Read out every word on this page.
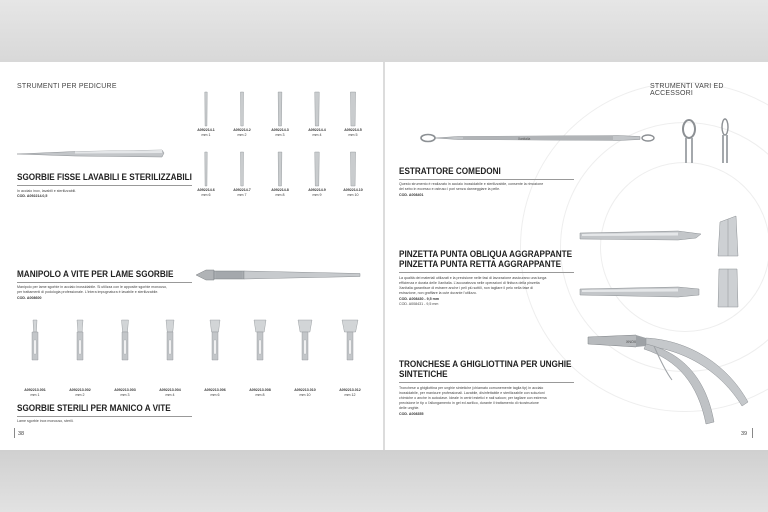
STRUMENTI PER PEDICURE
SGORBIE FISSE LAVABILI E STERILIZZABILI
In acciaio inox, lavabili e sterilizzabili.
COD. A092214.0,5
MANIPOLO A VITE PER LAME SGORBIE
Manipolo per lame sgorbie in acciaio inossidabile. Si utilizza con le apposite sgorbie monouso,
per trattamenti di podologia professionale. L'intera impugnatura è lavabile e sterilizzabile.
COD. A008600
SGORBIE STERILI PER MANICO A VITE
Lame sgorbie inox monouso, sterili.
38
STRUMENTI VARI ED ACCESSORI
Xanitalia
ESTRATTORE COMEDONI
Questo strumento è realizzato in acciaio inossidabile e sterilizzabile, consente la rimozione
del sebo in eccesso e ostruso i pori senza danneggiare la pelle.
COD. A008401
PINZETTA PUNTA OBLIQUA AGGRAPPANTE
PINZETTA PUNTA RETTA AGGRAPPANTE
La qualità dei materiali utilizzati e la precisione nelle fasi di lavorazione assicurano una lunga
efficienza e durata delle Xanitalia. L'accuratezza nelle operazioni di finitura della pinzetta
Xanitalia garantisce di estrarre anche i peli più sottili, non tagliare il pelo nella fase di
estrazione, non graffiare la cute durante l'utilizzo.
COD. A008430 - 9,5 mm
COD. A008431 - 9,5 mm
XNOX
TRONCHESE A GHIGLIOTTINA PER UNGHIE
SINTETICHE
Tronchese a ghigliottina per unghie sintetiche (chiamato comunemente taglia tip) in acciaio
inossidabile, per manicure professionali. Lavabile, disinfettabile e sterilizzabile con soluzioni
chimiche o anche in autoclave. Ideale in centri estetici e nail saloon; per tagliare con estrema
precisione le tip o l'allungamento in gel ed acrilico, durante il trattamento di ricostruzione
delle unghie.
COD. A008355
39
A092214.1
mm 1
A092214.2
mm 2
A092214.3
mm 3
A092214.4
mm 4
A092214.5
mm 5
A092214.6
mm 6
A092214.7
mm 7
A092214.8
mm 8
A092214.9
mm 9
A092214.10
mm 10
A092213.001
mm 1
A092213.002
mm 2
A092213.003
mm 3
A092213.004
mm 4
A092213.006
mm 6
A092213.008
mm 8
A092213.010
mm 10
A092213.012
mm 12
